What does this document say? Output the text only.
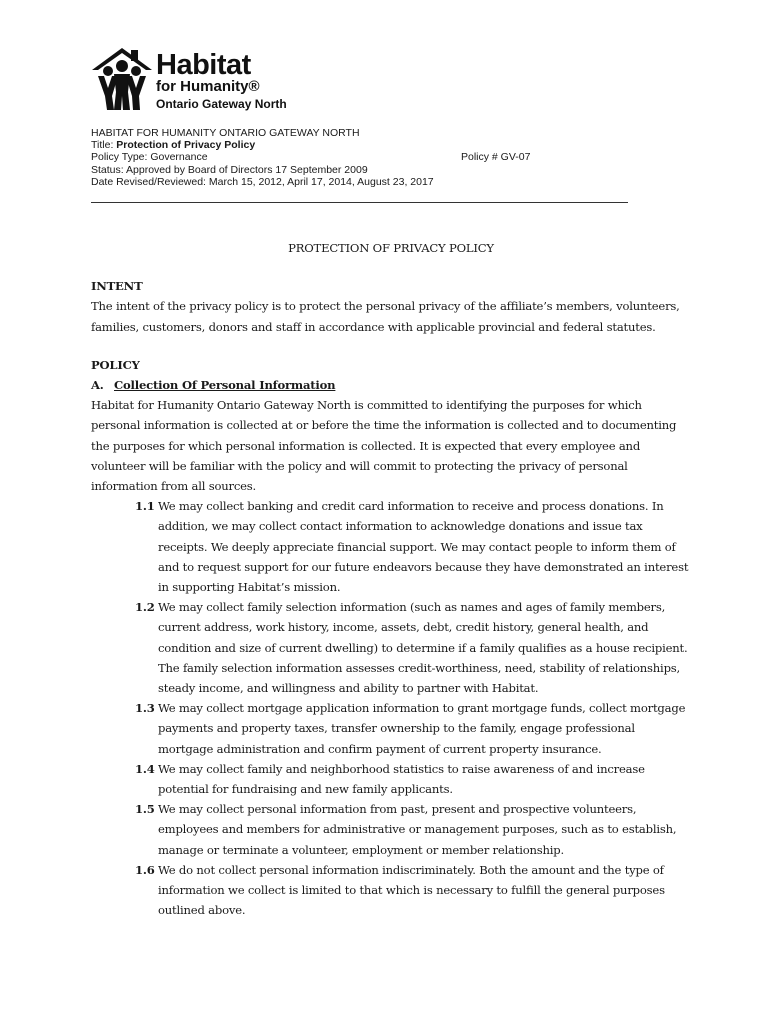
Habitat
for Humanity®
Ontario Gateway North
HABITAT FOR HUMANITY ONTARIO GATEWAY NORTH
Title: Protection of Privacy Policy
Policy Type: Governance	Policy # GV-07
Status: Approved by Board of Directors 17 September 2009
Date Revised/Reviewed: March 15, 2012, April 17, 2014, August 23, 2017

PROTECTION OF PRIVACY POLICY

INTENT

The intent of the privacy policy is to protect the personal privacy of the affiliate’s members, volunteers, families, customers, donors and staff in accordance with applicable provincial and federal statutes.

POLICY

A. Collection Of Personal Information

Habitat for Humanity Ontario Gateway North is committed to identifying the purposes for which personal information is collected at or before the time the information is collected and to documenting the purposes for which personal information is collected. It is expected that every employee and volunteer will be familiar with the policy and will commit to protecting the privacy of personal information from all sources.

1.1 We may collect banking and credit card information to receive and process donations. In addition, we may collect contact information to acknowledge donations and issue tax receipts. We deeply appreciate financial support. We may contact people to inform them of and to request support for our future endeavors because they have demonstrated an interest in supporting Habitat’s mission.
1.2 We may collect family selection information (such as names and ages of family members, current address, work history, income, assets, debt, credit history, general health, and condition and size of current dwelling) to determine if a family qualifies as a house recipient. The family selection information assesses credit-worthiness, need, stability of relationships, steady income, and willingness and ability to partner with Habitat.
1.3 We may collect mortgage application information to grant mortgage funds, collect mortgage payments and property taxes, transfer ownership to the family, engage professional mortgage administration and confirm payment of current property insurance.
1.4 We may collect family and neighborhood statistics to raise awareness of and increase potential for fundraising and new family applicants.
1.5 We may collect personal information from past, present and prospective volunteers, employees and members for administrative or management purposes, such as to establish, manage or terminate a volunteer, employment or member relationship.
1.6 We do not collect personal information indiscriminately. Both the amount and the type of information we collect is limited to that which is necessary to fulfill the general purposes outlined above.
